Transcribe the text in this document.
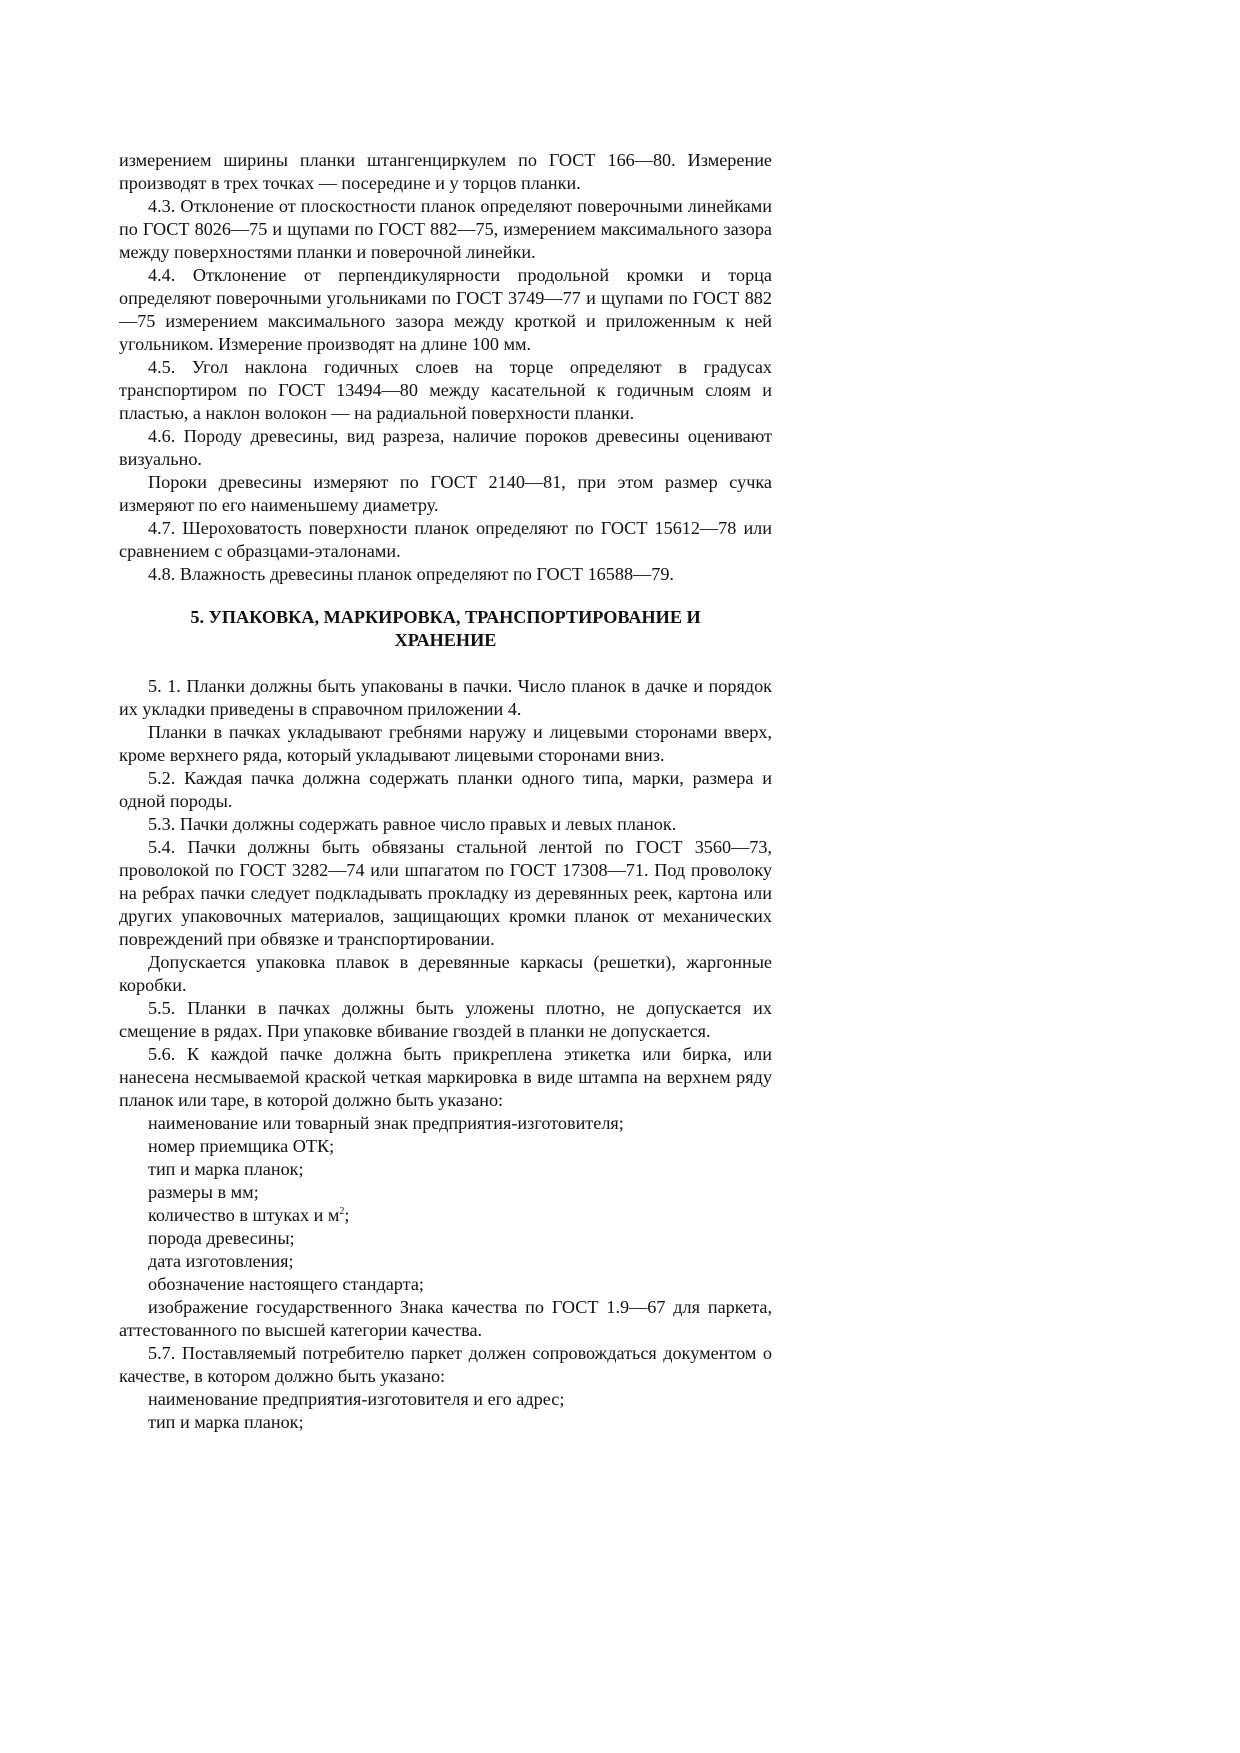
измерением ширины планки штангенциркулем по ГОСТ 166—80. Измерение производят в трех точках — посередине и у торцов планки.

4.3. Отклонение от плоскостности планок определяют поверочными линейками по ГОСТ 8026—75 и щупами по ГОСТ 882—75, измерением максимального зазора между поверхностями планки и поверочной линейки.

4.4. Отклонение от перпендикулярности продольной кромки и торца определяют поверочными угольниками по ГОСТ 3749—77 и щупами по ГОСТ 882—75 измерением максимального зазора между кроткой и приложенным к ней угольником. Измерение производят на длине 100 мм.

4.5. Угол наклона годичных слоев на торце определяют в градусах транспортиром по ГОСТ 13494—80 между касательной к годичным слоям и пластью, а наклон волокон — на радиальной поверхности планки.

4.6. Породу древесины, вид разреза, наличие пороков древесины оценивают визуально.

Пороки древесины измеряют по ГОСТ 2140—81, при этом размер сучка измеряют по его наименьшему диаметру.

4.7. Шероховатость поверхности планок определяют по ГОСТ 15612—78 или сравнением с образцами-эталонами.

4.8. Влажность древесины планок определяют по ГОСТ 16588—79.

5. УПАКОВКА, МАРКИРОВКА, ТРАНСПОРТИРОВАНИЕ И ХРАНЕНИЕ

5. 1. Планки должны быть упакованы в пачки. Число планок в дачке и порядок их укладки приведены в справочном приложении 4.

Планки в пачках укладывают гребнями наружу и лицевыми сторонами вверх, кроме верхнего ряда, который укладывают лицевыми сторонами вниз.

5.2. Каждая пачка должна содержать планки одного типа, марки, размера и одной породы.

5.3. Пачки должны содержать равное число правых и левых планок.

5.4. Пачки должны быть обвязаны стальной лентой по ГОСТ 3560—73, проволокой по ГОСТ 3282—74 или шпагатом по ГОСТ 17308—71. Под проволоку на ребрах пачки следует подкладывать прокладку из деревянных реек, картона или других упаковочных материалов, защищающих кромки планок от механических повреждений при обвязке и транспортировании.

Допускается упаковка плавок в деревянные каркасы (решетки), жаргонные коробки.

5.5. Планки в пачках должны быть уложены плотно, не допускается их смещение в рядах. При упаковке вбивание гвоздей в планки не допускается.

5.6. К каждой пачке должна быть прикреплена этикетка или бирка, или нанесена несмываемой краской четкая маркировка в виде штампа на верхнем ряду планок или таре, в которой должно быть указано:

наименование или товарный знак предприятия-изготовителя;

номер приемщика ОТК;

тип и марка планок;

размеры в мм;

количество в штуках и $м^2$;

порода древесины;

дата изготовления;

обозначение настоящего стандарта;

изображение государственного Знака качества по ГОСТ 1.9—67 для паркета, аттестованного по высшей категории качества.

5.7. Поставляемый потребителю паркет должен сопровождаться документом о качестве, в котором должно быть указано:

наименование предприятия-изготовителя и его адрес;

тип и марка планок;
